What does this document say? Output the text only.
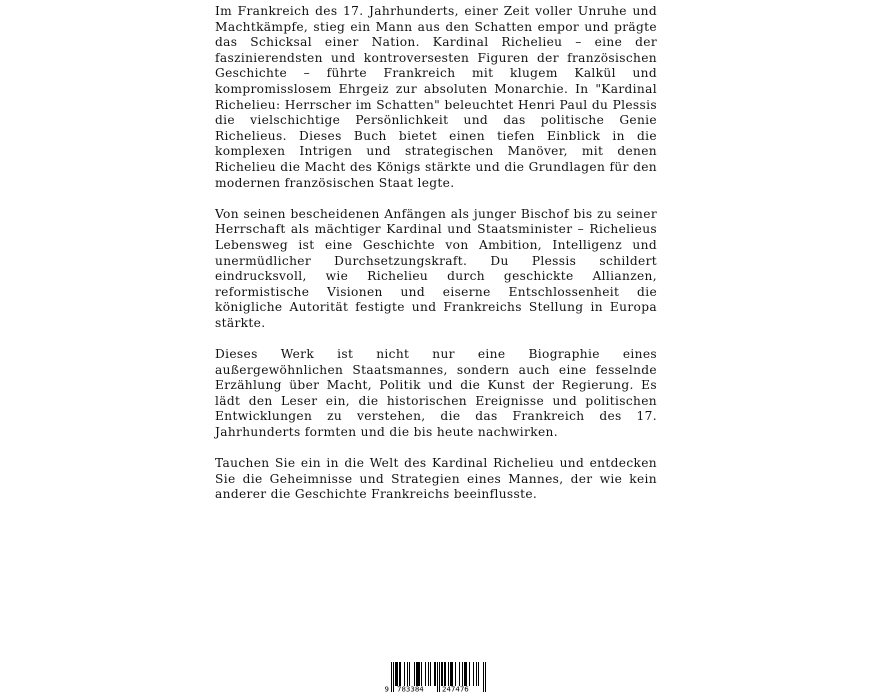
Im Frankreich des 17. Jahrhunderts, einer Zeit voller Unruhe und Machtkämpfe, stieg ein Mann aus den Schatten empor und prägte das Schicksal einer Nation. Kardinal Richelieu – eine der faszinierendsten und kontroversesten Figuren der französischen Geschichte – führte Frankreich mit klugem Kalkül und kompromisslosem Ehrgeiz zur absoluten Monarchie. In "Kardinal Richelieu: Herrscher im Schatten" beleuchtet Henri Paul du Plessis die vielschichtige Persönlichkeit und das politische Genie Richelieus. Dieses Buch bietet einen tiefen Einblick in die komplexen Intrigen und strategischen Manöver, mit denen Richelieu die Macht des Königs stärkte und die Grundlagen für den modernen französischen Staat legte.

Von seinen bescheidenen Anfängen als junger Bischof bis zu seiner Herrschaft als mächtiger Kardinal und Staatsminister – Richelieus Lebensweg ist eine Geschichte von Ambition, Intelligenz und unermüdlicher Durchsetzungskraft. Du Plessis schildert eindrucksvoll, wie Richelieu durch geschickte Allianzen, reformistische Visionen und eiserne Entschlossenheit die königliche Autorität festigte und Frankreichs Stellung in Europa stärkte.

Dieses Werk ist nicht nur eine Biographie eines außergewöhnlichen Staatsmannes, sondern auch eine fesselnde Erzählung über Macht, Politik und die Kunst der Regierung. Es lädt den Leser ein, die historischen Ereignisse und politischen Entwicklungen zu verstehen, die das Frankreich des 17. Jahrhunderts formten und die bis heute nachwirken.

Tauchen Sie ein in die Welt des Kardinal Richelieu und entdecken Sie die Geheimnisse und Strategien eines Mannes, der wie kein anderer die Geschichte Frankreichs beeinflusste.

9 783384	247476
